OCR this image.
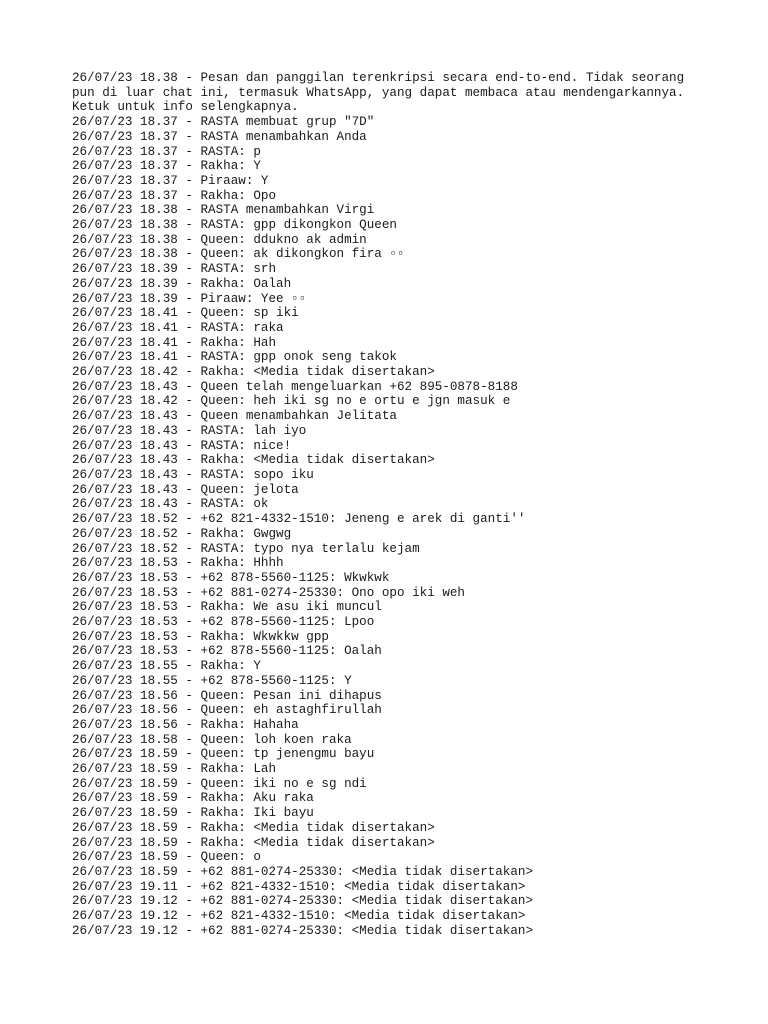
26/07/23 18.38 - Pesan dan panggilan terenkripsi secara end-to-end. Tidak seorang
pun di luar chat ini, termasuk WhatsApp, yang dapat membaca atau mendengarkannya.
Ketuk untuk info selengkapnya.
26/07/23 18.37 - RASTA membuat grup "7D"
26/07/23 18.37 - RASTA menambahkan Anda
26/07/23 18.37 - RASTA: p
26/07/23 18.37 - Rakha: Y
26/07/23 18.37 - Piraaw: Y
26/07/23 18.37 - Rakha: Opo
26/07/23 18.38 - RASTA menambahkan Virgi
26/07/23 18.38 - RASTA: gpp dikongkon Queen
26/07/23 18.38 - Queen: ddukno ak admin
26/07/23 18.38 - Queen: ak dikongkon fira ▫▫
26/07/23 18.39 - RASTA: srh
26/07/23 18.39 - Rakha: Oalah
26/07/23 18.39 - Piraaw: Yee ▫▫
26/07/23 18.41 - Queen: sp iki
26/07/23 18.41 - RASTA: raka
26/07/23 18.41 - Rakha: Hah
26/07/23 18.41 - RASTA: gpp onok seng takok
26/07/23 18.42 - Rakha: <Media tidak disertakan>
26/07/23 18.43 - Queen telah mengeluarkan +62 895-0878-8188
26/07/23 18.42 - Queen: heh iki sg no e ortu e jgn masuk e
26/07/23 18.43 - Queen menambahkan Jelitata
26/07/23 18.43 - RASTA: lah iyo
26/07/23 18.43 - RASTA: nice!
26/07/23 18.43 - Rakha: <Media tidak disertakan>
26/07/23 18.43 - RASTA: sopo iku
26/07/23 18.43 - Queen: jelota
26/07/23 18.43 - RASTA: ok
26/07/23 18.52 - +62 821-4332-1510: Jeneng e arek di ganti''
26/07/23 18.52 - Rakha: Gwgwg
26/07/23 18.52 - RASTA: typo nya terlalu kejam
26/07/23 18.53 - Rakha: Hhhh
26/07/23 18.53 - +62 878-5560-1125: Wkwkwk
26/07/23 18.53 - +62 881-0274-25330: Ono opo iki weh
26/07/23 18.53 - Rakha: We asu iki muncul
26/07/23 18.53 - +62 878-5560-1125: Lpoo
26/07/23 18.53 - Rakha: Wkwkkw gpp
26/07/23 18.53 - +62 878-5560-1125: Oalah
26/07/23 18.55 - Rakha: Y
26/07/23 18.55 - +62 878-5560-1125: Y
26/07/23 18.56 - Queen: Pesan ini dihapus
26/07/23 18.56 - Queen: eh astaghfirullah
26/07/23 18.56 - Rakha: Hahaha
26/07/23 18.58 - Queen: loh koen raka
26/07/23 18.59 - Queen: tp jenengmu bayu
26/07/23 18.59 - Rakha: Lah
26/07/23 18.59 - Queen: iki no e sg ndi
26/07/23 18.59 - Rakha: Aku raka
26/07/23 18.59 - Rakha: Iki bayu
26/07/23 18.59 - Rakha: <Media tidak disertakan>
26/07/23 18.59 - Rakha: <Media tidak disertakan>
26/07/23 18.59 - Queen: o
26/07/23 18.59 - +62 881-0274-25330: <Media tidak disertakan>
26/07/23 19.11 - +62 821-4332-1510: <Media tidak disertakan>
26/07/23 19.12 - +62 881-0274-25330: <Media tidak disertakan>
26/07/23 19.12 - +62 821-4332-1510: <Media tidak disertakan>
26/07/23 19.12 - +62 881-0274-25330: <Media tidak disertakan>
